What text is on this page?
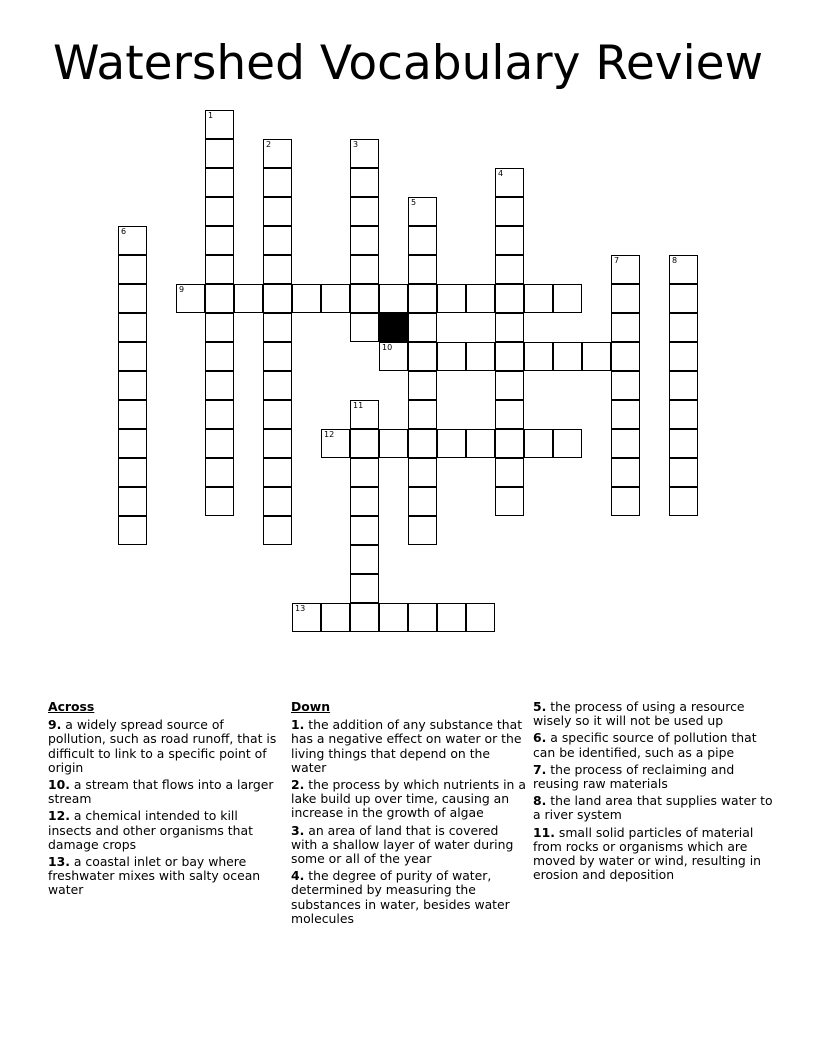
Watershed Vocabulary Review
1
2	3
4
5
6
7	8
9
10
11
12
13
Across
9. a widely spread source of pollution, such as road runoff, that is difficult to link to a specific point of origin
10. a stream that flows into a larger stream
12. a chemical intended to kill insects and other organisms that damage crops
13. a coastal inlet or bay where freshwater mixes with salty ocean water
Down
1. the addition of any substance that has a negative effect on water or the living things that depend on the water
2. the process by which nutrients in a lake build up over time, causing an increase in the growth of algae
3. an area of land that is covered with a shallow layer of water during some or all of the year
4. the degree of purity of water, determined by measuring the substances in water, besides water molecules
5. the process of using a resource wisely so it will not be used up
6. a specific source of pollution that can be identified, such as a pipe
7. the process of reclaiming and reusing raw materials
8. the land area that supplies water to a river system
11. small solid particles of material from rocks or organisms which are moved by water or wind, resulting in erosion and deposition
